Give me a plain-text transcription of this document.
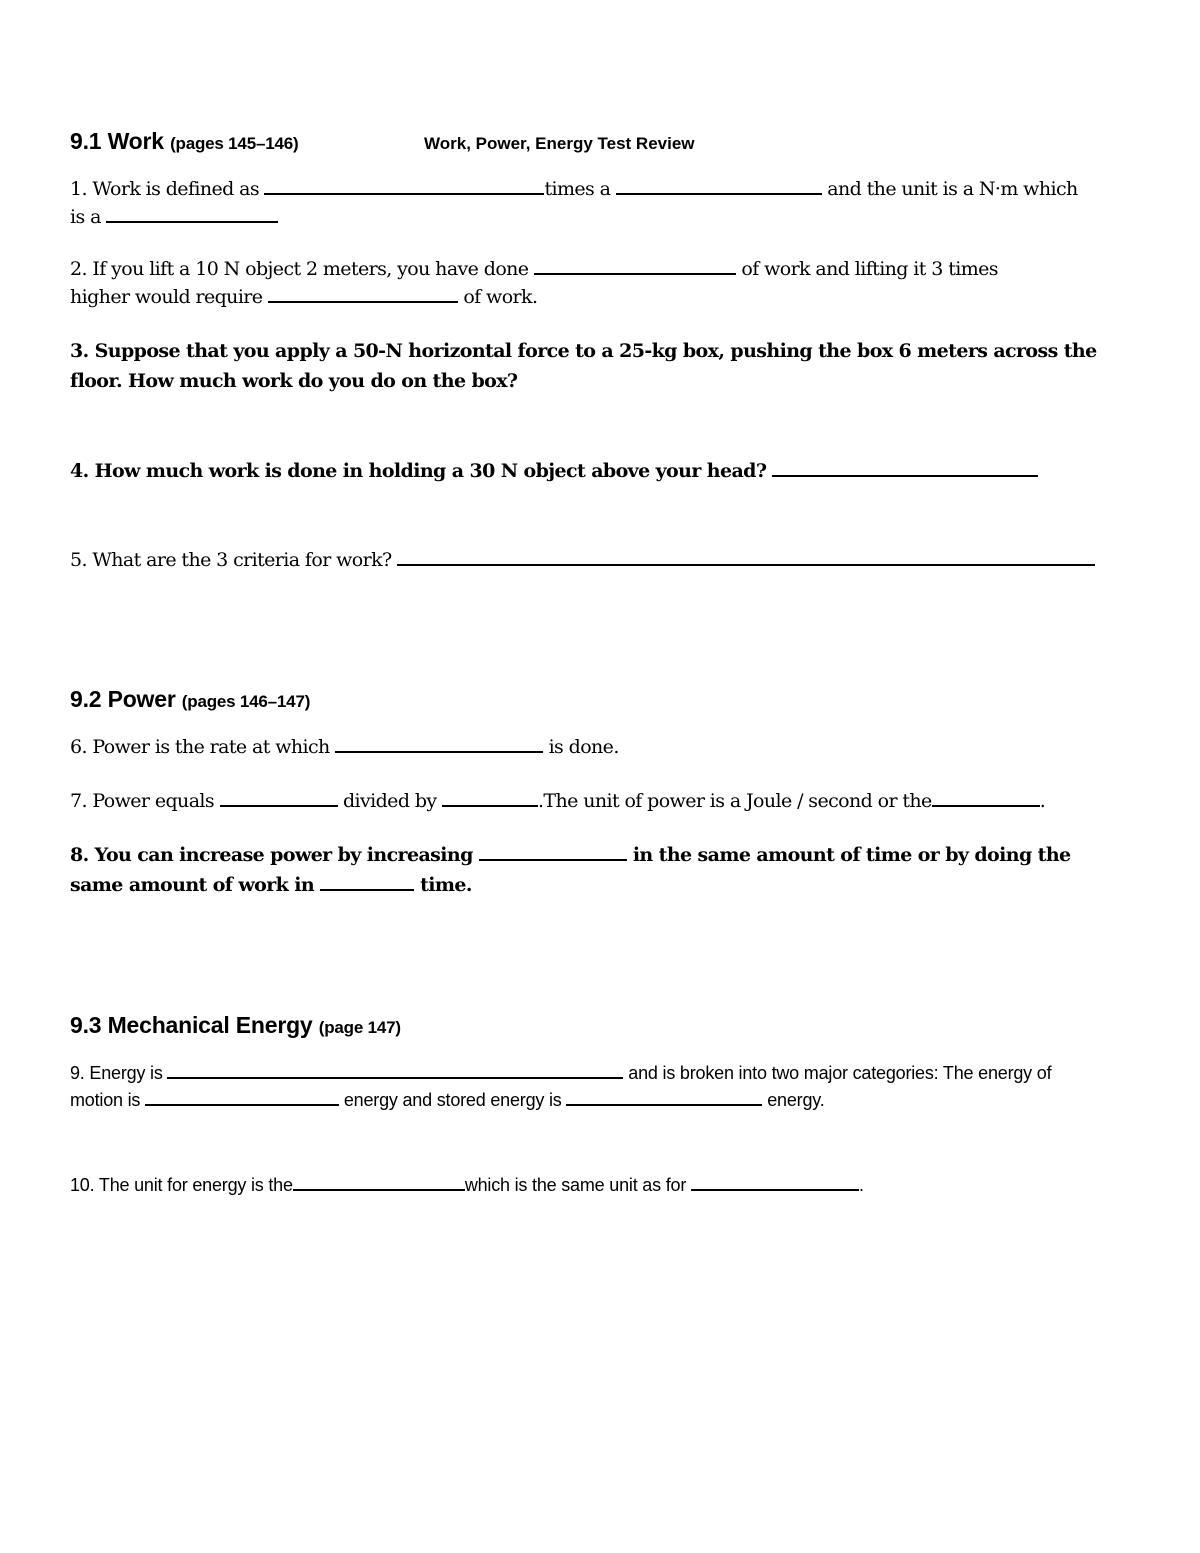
9.1 Work (pages 145–146)	Work, Power, Energy Test Review
1. Work is defined as	times a	and the unit is a N·m which
is a
2. If you lift a 10 N object 2 meters, you have done	of work and lifting it 3 times
higher would require	of work.
3. Suppose that you apply a 50-N horizontal force to a 25-kg box, pushing the box 6 meters across the
floor. How much work do you do on the box?
4. How much work is done in holding a 30 N object above your head?
5. What are the 3 criteria for work?
9.2 Power (pages 146–147)
6. Power is the rate at which	is done.
7. Power equals	divided by	.The unit of power is a Joule / second or the	.
8. You can increase power by increasing	in the same amount of time or by doing the
same amount of work in	time.
9.3 Mechanical Energy (page 147)
9. Energy is	and is broken into two major categories: The energy of
motion is	energy and stored energy is	energy.
10. The unit for energy is the	which is the same unit as for	.
